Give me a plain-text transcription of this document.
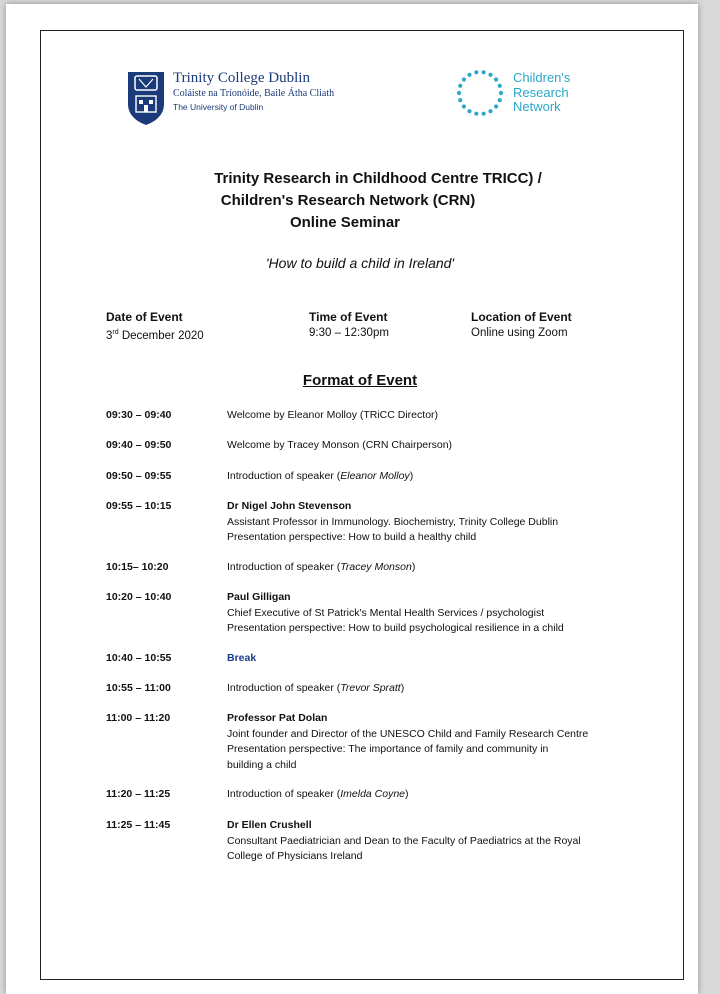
Trinity College Dublin
Coláiste na Tríonóide, Baile Átha Cliath
The University of Dublin
Children's
Research
Network
Trinity Research in Childhood Centre TRICC) /
Children's Research Network (CRN)
Online Seminar
'How to build a child in Ireland'
Date of Event
3rd December 2020
Time of Event
9:30 – 12:30pm
Location of Event
Online using Zoom
Format of Event
09:30 – 09:40	Welcome by Eleanor Molloy (TRiCC Director)
09:40 – 09:50	Welcome by Tracey Monson (CRN Chairperson)
09:50 – 09:55	Introduction of speaker (Eleanor Molloy)
09:55 – 10:15	Dr Nigel John Stevenson
Assistant Professor in Immunology. Biochemistry, Trinity College Dublin
Presentation perspective: How to build a healthy child
10:15– 10:20	Introduction of speaker (Tracey Monson)
10:20 – 10:40	Paul Gilligan
Chief Executive of St Patrick's Mental Health Services / psychologist
Presentation perspective: How to build psychological resilience in a child
10:40 – 10:55	Break
10:55 – 11:00	Introduction of speaker (Trevor Spratt)
11:00 – 11:20	Professor Pat Dolan
Joint founder and Director of the UNESCO Child and Family Research Centre
Presentation perspective: The importance of family and community in
building a child
11:20 – 11:25	Introduction of speaker (Imelda Coyne)
11:25 – 11:45	Dr Ellen Crushell
Consultant Paediatrician and Dean to the Faculty of Paediatrics at the Royal
College of Physicians Ireland
